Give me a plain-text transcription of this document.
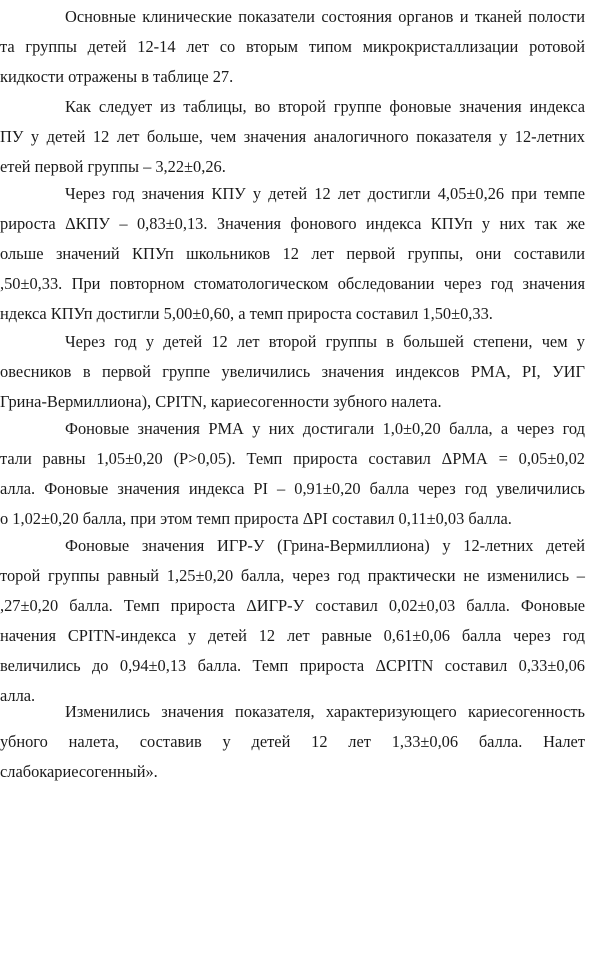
Основные клинические показатели состояния органов и тканей полости
та группы детей 12-14 лет со вторым типом микрокристаллизации ротовой
кидкости отражены в таблице 27.
Как следует из таблицы, во второй группе фоновые значения индекса
ПУ у детей 12 лет больше, чем значения аналогичного показателя у 12-летних
етей первой группы – 3,22±0,26.
Через год значения КПУ у детей 12 лет достигли 4,05±0,26 при темпе
рироста ΔКПУ – 0,83±0,13. Значения фонового индекса КПУп у них так же
ольше значений КПУп школьников 12 лет первой группы, они составили
,50±0,33. При повторном стоматологическом обследовании через год значения
ндекса КПУп достигли 5,00±0,60, а темп прироста составил 1,50±0,33.
Через год у детей 12 лет второй группы в большей степени, чем у
овесников в первой группе увеличились значения индексов РМА, PI, УИГ
Грина-Вермиллиона), CPITN, кариесогенности зубного налета.
Фоновые значения РМА у них достигали 1,0±0,20 балла, а через год
тали равны 1,05±0,20 (Р>0,05). Темп прироста составил ΔРМА = 0,05±0,02
алла. Фоновые значения индекса PI – 0,91±0,20 балла через год увеличились
о 1,02±0,20 балла, при этом темп прироста ΔPI составил 0,11±0,03 балла.
Фоновые значения ИГР-У (Грина-Вермиллиона) у 12-летних детей
торой группы равный 1,25±0,20 балла, через год практически не изменились –
,27±0,20 балла. Темп прироста ΔИГР-У составил 0,02±0,03 балла. Фоновые
начения CPITN-индекса у детей 12 лет равные 0,61±0,06 балла через год
величились до 0,94±0,13 балла. Темп прироста ΔCPITN составил 0,33±0,06
алла.
Изменились значения показателя, характеризующего кариесогенность
убного налета, составив у детей 12 лет 1,33±0,06 балла. Налет
слабокариесогенный».
